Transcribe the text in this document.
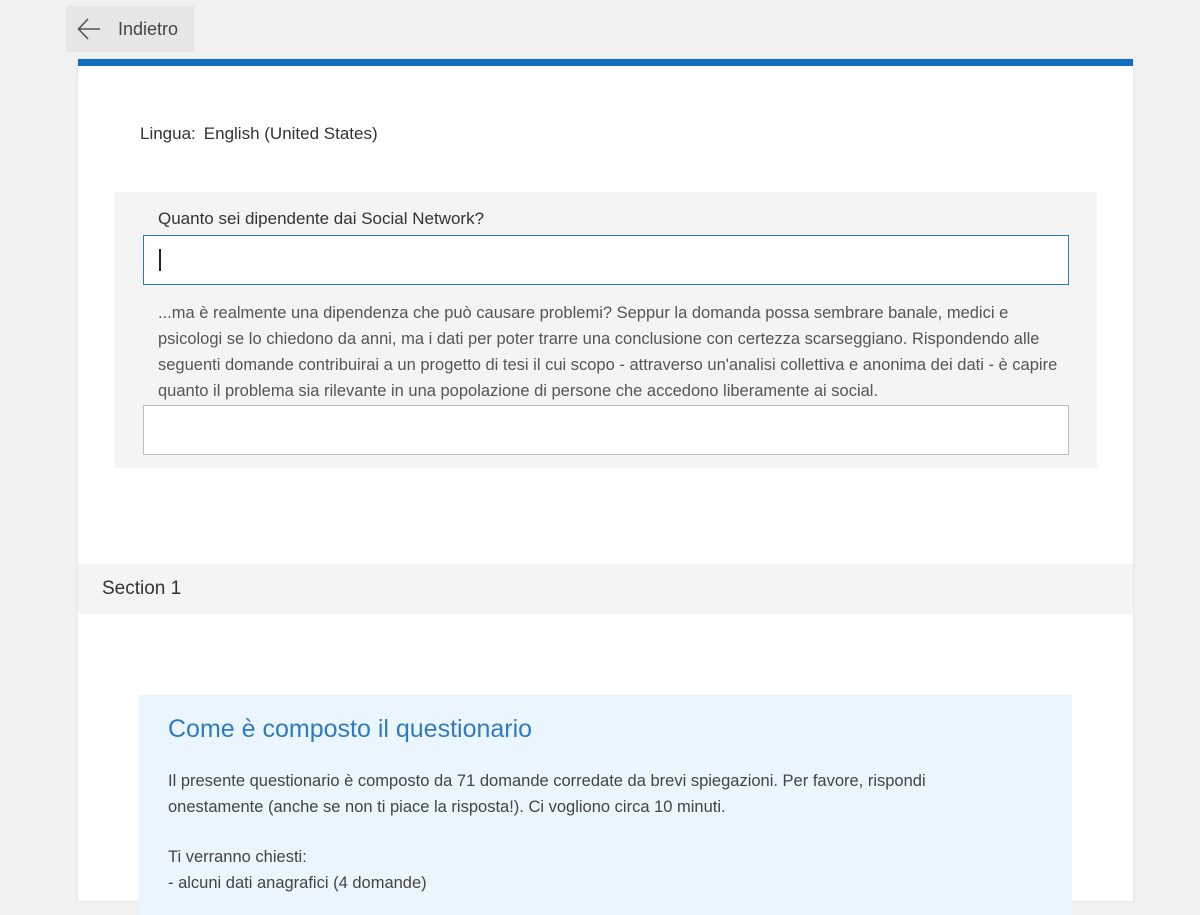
Indietro
Lingua: English (United States)
Quanto sei dipendente dai Social Network?
...ma è realmente una dipendenza che può causare problemi? Seppur la domanda possa sembrare banale, medici e psicologi se lo chiedono da anni, ma i dati per poter trarre una conclusione con certezza scarseggiano. Rispondendo alle seguenti domande contribuirai a un progetto di tesi il cui scopo - attraverso un'analisi collettiva e anonima dei dati - è capire quanto il problema sia rilevante in una popolazione di persone che accedono liberamente ai social.
Section 1
Come è composto il questionario

Il presente questionario è composto da 71 domande corredate da brevi spiegazioni. Per favore, rispondi onestamente (anche se non ti piace la risposta!). Ci vogliono circa 10 minuti.

Ti verranno chiesti:

- alcuni dati anagrafici (4 domande)
